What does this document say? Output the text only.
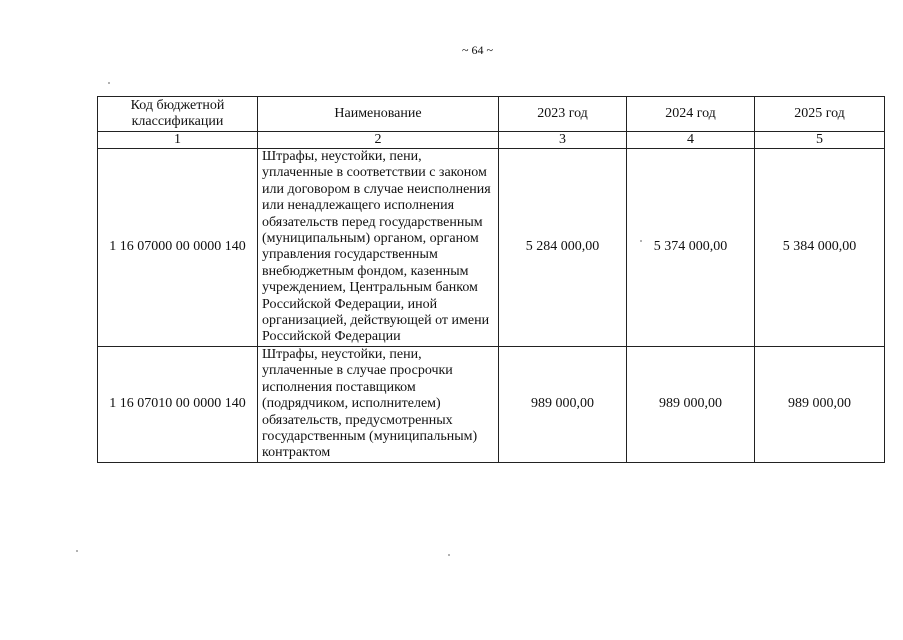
~ 64 ~
Код бюджетной классификации	Наименование	2023 год	2024 год	2025 год
1	2	3	4	5
1 16 07000 00 0000 140	Штрафы, неустойки, пени, уплаченные в соответствии с законом или договором в случае неисполнения или ненадлежащего исполнения обязательств перед государственным (муниципальным) органом, органом управления государственным внебюджетным фондом, казенным учреждением, Центральным банком Российской Федерации, иной организацией, действующей от имени Российской Федерации	5 284 000,00	5 374 000,00	5 384 000,00
1 16 07010 00 0000 140	Штрафы, неустойки, пени, уплаченные в случае просрочки исполнения поставщиком (подрядчиком, исполнителем) обязательств, предусмотренных государственным (муниципальным) контрактом	989 000,00	989 000,00	989 000,00
